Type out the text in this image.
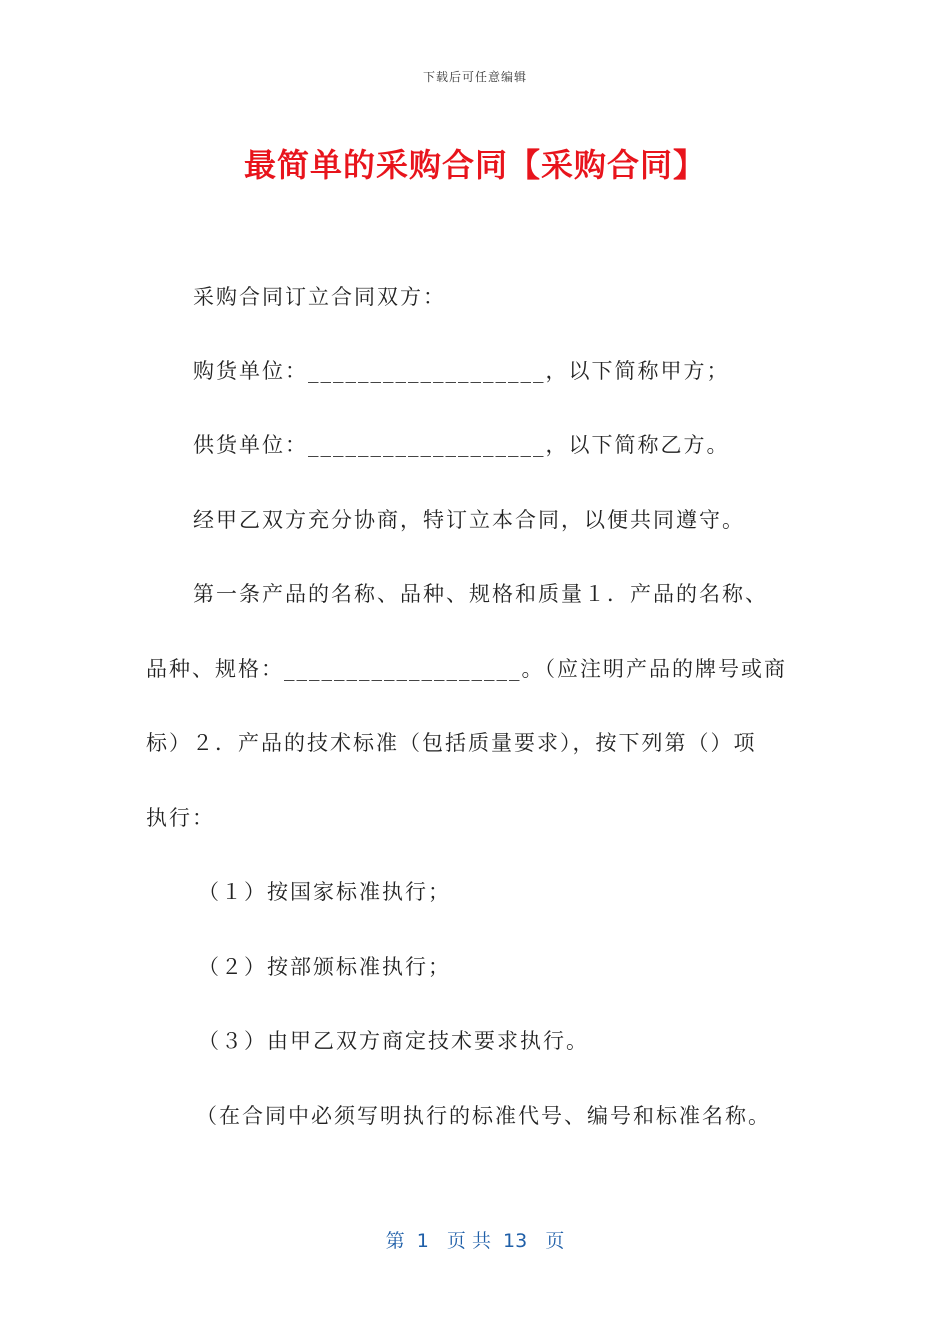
下载后可任意编辑
最简单的采购合同【采购合同】
采购合同订立合同双方：
购货单位：___________________，以下简称甲方；
供货单位：___________________，以下简称乙方。
经甲乙双方充分协商，特订立本合同，以便共同遵守。
第一条产品的名称、品种、规格和质量１．产品的名称、
品种、规格：___________________。（应注明产品的牌号或商
标）２．产品的技术标准（包括质量要求），按下列第（）项
执行：
（１）按国家标准执行；
（２）按部颁标准执行；
（３）由甲乙双方商定技术要求执行。
（在合同中必须写明执行的标准代号、编号和标准名称。
第  1   页 共  13   页
